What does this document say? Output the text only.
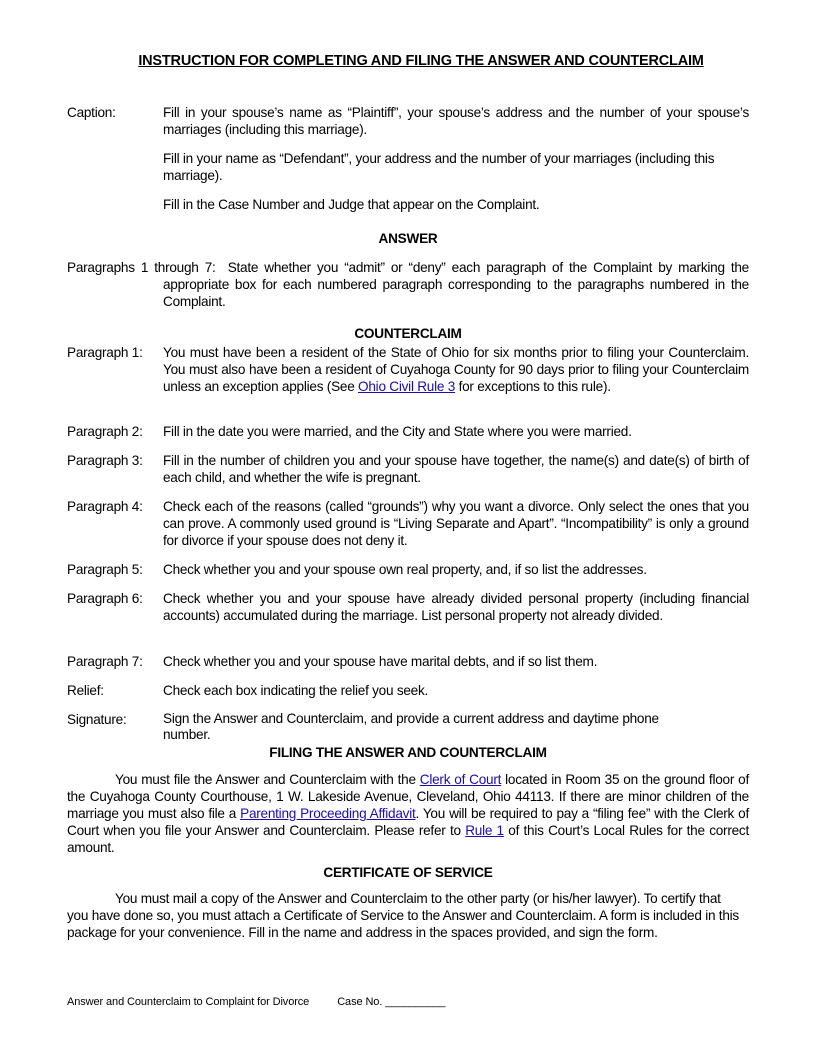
INSTRUCTION FOR COMPLETING AND FILING THE ANSWER AND COUNTERCLAIM
Caption:	Fill in your spouse’s name as “Plaintiff”, your spouse’s address and the number of your spouse’s marriages (including this marriage).
Fill in your name as “Defendant”, your address and the number of your marriages (including this marriage).
Fill in the Case Number and Judge that appear on the Complaint.
ANSWER
Paragraphs 1 through 7: State whether you “admit” or “deny” each paragraph of the Complaint by marking the appropriate box for each numbered paragraph corresponding to the paragraphs numbered in the Complaint.
COUNTERCLAIM
Paragraph 1: You must have been a resident of the State of Ohio for six months prior to filing your Counterclaim. You must also have been a resident of Cuyahoga County for 90 days prior to filing your Counterclaim unless an exception applies (See Ohio Civil Rule 3 for exceptions to this rule).
Paragraph 2: Fill in the date you were married, and the City and State where you were married.
Paragraph 3: Fill in the number of children you and your spouse have together, the name(s) and date(s) of birth of each child, and whether the wife is pregnant.
Paragraph 4: Check each of the reasons (called “grounds”) why you want a divorce. Only select the ones that you can prove. A commonly used ground is “Living Separate and Apart”. “Incompatibility” is only a ground for divorce if your spouse does not deny it.
Paragraph 5: Check whether you and your spouse own real property, and, if so list the addresses.
Paragraph 6: Check whether you and your spouse have already divided personal property (including financial accounts) accumulated during the marriage. List personal property not already divided.
Paragraph 7: Check whether you and your spouse have marital debts, and if so list them.
Relief:	Check each box indicating the relief you seek.
Signature:	Sign the Answer and Counterclaim, and provide a current address and daytime phone number.
FILING THE ANSWER AND COUNTERCLAIM
You must file the Answer and Counterclaim with the Clerk of Court located in Room 35 on the ground floor of the Cuyahoga County Courthouse, 1 W. Lakeside Avenue, Cleveland, Ohio 44113. If there are minor children of the marriage you must also file a Parenting Proceeding Affidavit. You will be required to pay a “filing fee” with the Clerk of Court when you file your Answer and Counterclaim. Please refer to Rule 1 of this Court’s Local Rules for the correct amount.
CERTIFICATE OF SERVICE
You must mail a copy of the Answer and Counterclaim to the other party (or his/her lawyer). To certify that you have done so, you must attach a Certificate of Service to the Answer and Counterclaim. A form is included in this package for your convenience. Fill in the name and address in the spaces provided, and sign the form.
Answer and Counterclaim to Complaint for Divorce	Case No. __________
